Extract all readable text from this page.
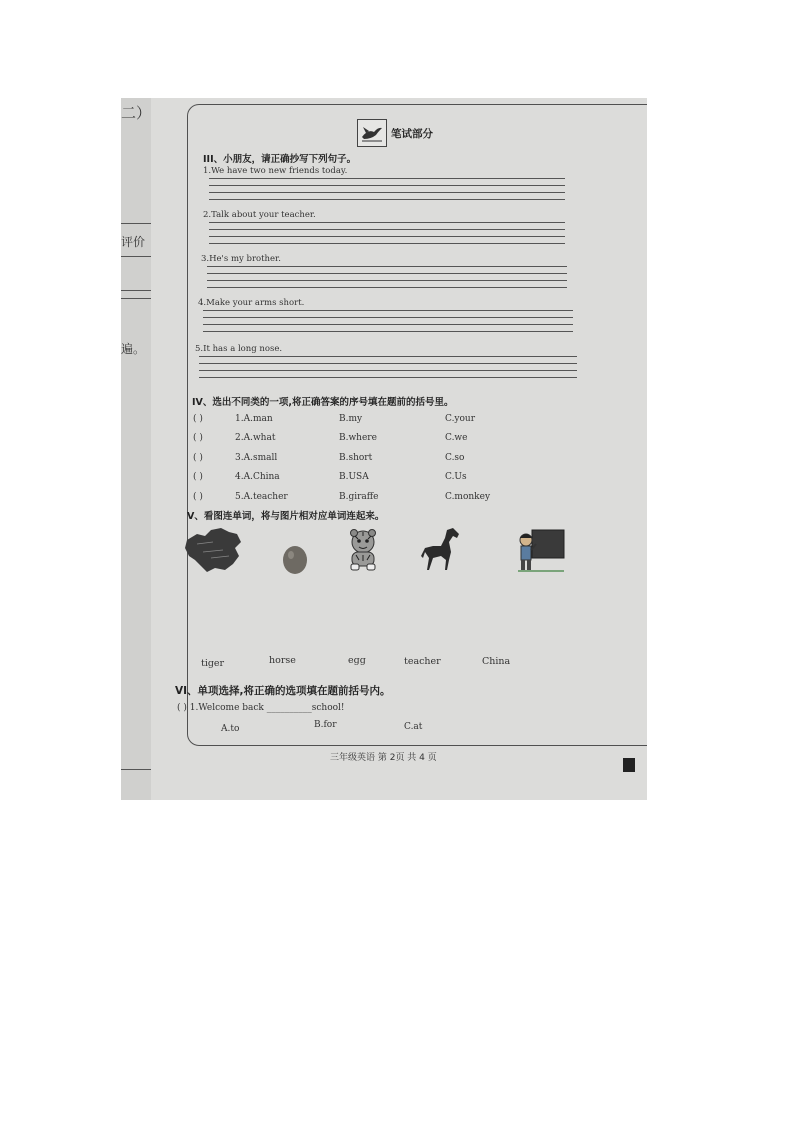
二）
评价
遍。
笔试部分
III、小朋友，请正确抄写下列句子。
1.We have two new friends today.
2.Talk about your teacher.
3.He's my brother.
4.Make your arms short.
5.It has a long nose.
IV、选出不同类的一项,将正确答案的序号填在题前的括号里。
( )	1.A.man	B.my	C.your
( )	2.A.what	B.where	C.we
( )	3.A.small	B.short	C.so
( )	4.A.China	B.USA	C.Us
( )	5.A.teacher	B.giraffe	C.monkey
V、看图连单词，将与图片相对应单词连起来。
tiger	horse	egg	teacher	China
VI、单项选择,将正确的选项填在题前括号内。
( ) 1.Welcome back __________school!
A.to	B.for	C.at
三年级英语 第 2页 共 4 页
